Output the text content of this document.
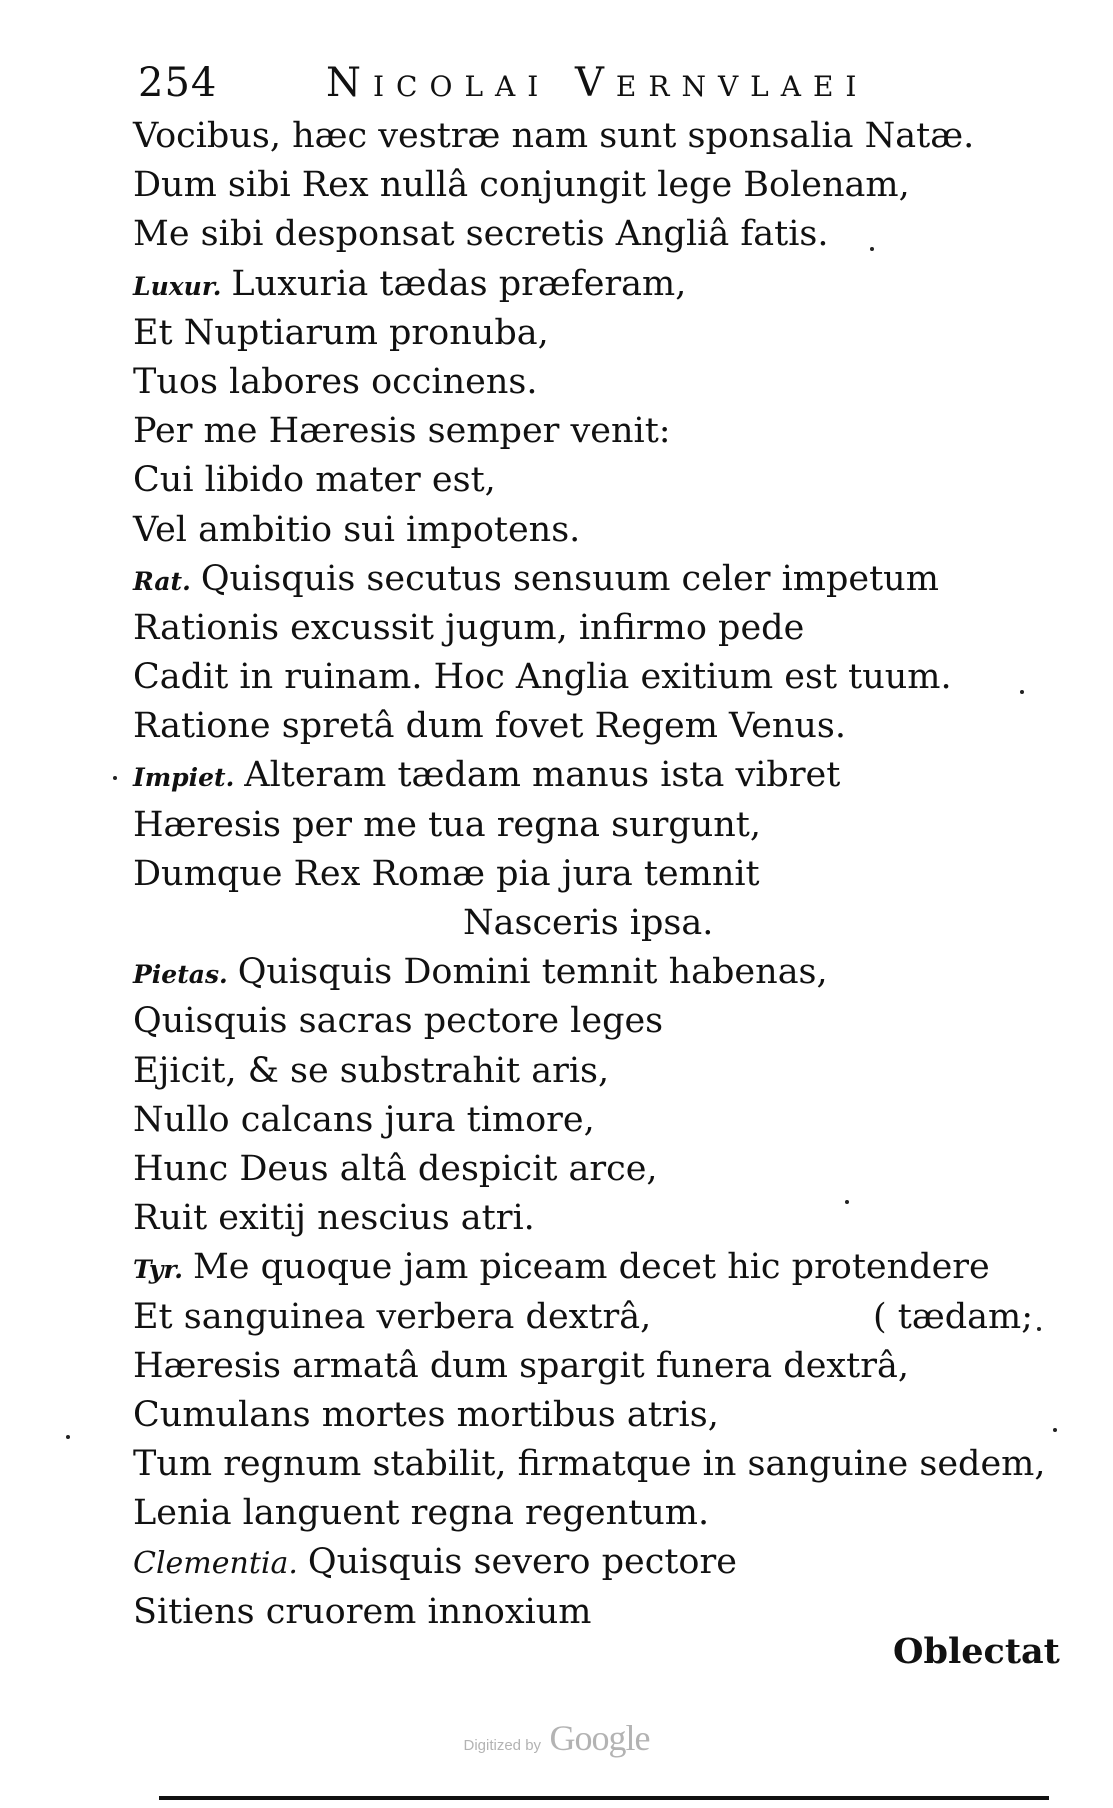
254	Nicolai Vernvlaei
Vocibus, hæc vestræ nam sunt sponsalia Natæ.
Dum sibi Rex nullâ conjungit lege Bolenam,
Me sibi desponsat secretis Angliâ fatis.
Luxur. Luxuria tædas præferam,
Et Nuptiarum pronuba,
Tuos labores occinens.
Per me Hæresis semper venit:
Cui libido mater est,
Vel ambitio sui impotens.
Rat. Quisquis secutus sensuum celer impetum
Rationis excussit jugum, infirmo pede
Cadit in ruinam. Hoc Anglia exitium est tuum.
Ratione spretâ dum fovet Regem Venus.
Impiet. Alteram tædam manus ista vibret
Hæresis per me tua regna surgunt,
Dumque Rex Romæ pia jura temnit
Nasceris ipsa.
Pietas. Quisquis Domini temnit habenas,
Quisquis sacras pectore leges
Ejicit, & se substrahit aris,
Nullo calcans jura timore,
Hunc Deus altâ despicit arce,
Ruit exitij nescius atri.
Tyr. Me quoque jam piceam decet hic protendere
Et sanguinea verbera dextrâ,	( tædam;
Hæresis armatâ dum spargit funera dextrâ,
Cumulans mortes mortibus atris,
Tum regnum stabilit, firmatque in sanguine sedem,
Lenia languent regna regentum.
Clementia. Quisquis severo pectore
Sitiens cruorem innoxium
Oblectat
Digitized by Google
